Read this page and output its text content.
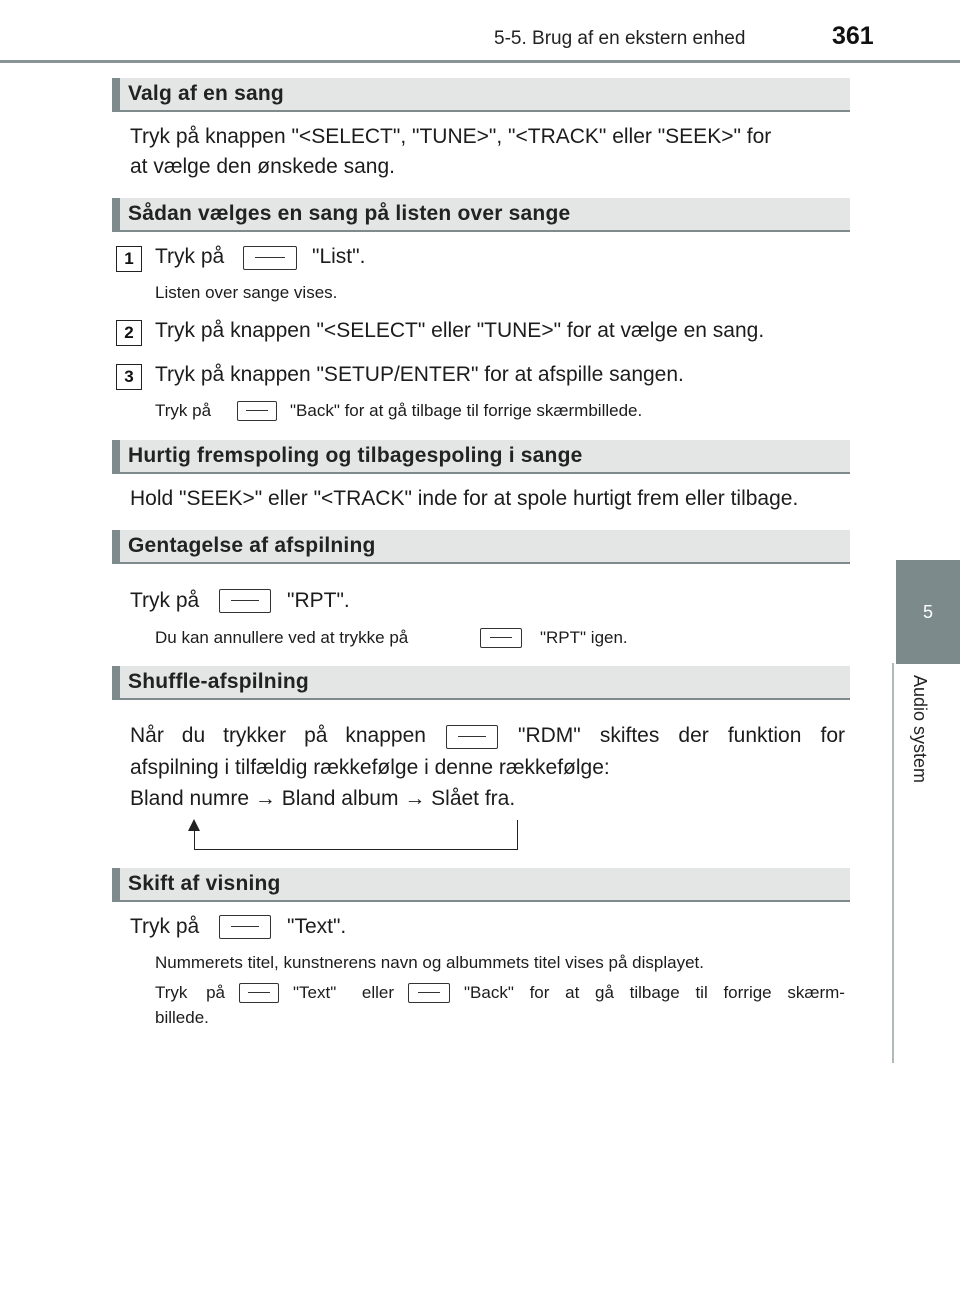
5-5. Brug af en ekstern enhed	361
5
Audio system
Valg af en sang
Tryk på knappen "<SELECT", "TUNE>", "<TRACK" eller "SEEK>" for
at vælge den ønskede sang.
Sådan vælges en sang på listen over sange
1	Tryk på	"List".
Listen over sange vises.
2	Tryk på knappen "<SELECT" eller "TUNE>" for at vælge en sang.
3	Tryk på knappen "SETUP/ENTER" for at afspille sangen.
Tryk på	"Back" for at gå tilbage til forrige skærmbillede.
Hurtig fremspoling og tilbagespoling i sange
Hold "SEEK>" eller "<TRACK" inde for at spole hurtigt frem eller tilbage.
Gentagelse af afspilning
Tryk på	"RPT".
Du kan annullere ved at trykke på	"RPT" igen.
Shuffle-afspilning
Når du trykker på knappen	"RDM" skiftes der funktion for
afspilning i tilfældig rækkefølge i denne rækkefølge:
Bland numre → Bland album → Slået fra.
Skift af visning
Tryk på	"Text".
Nummerets titel, kunstnerens navn og albummets titel vises på displayet.
Tryk på	"Text" eller	"Back" for at gå tilbage til forrige skærm-
billede.
